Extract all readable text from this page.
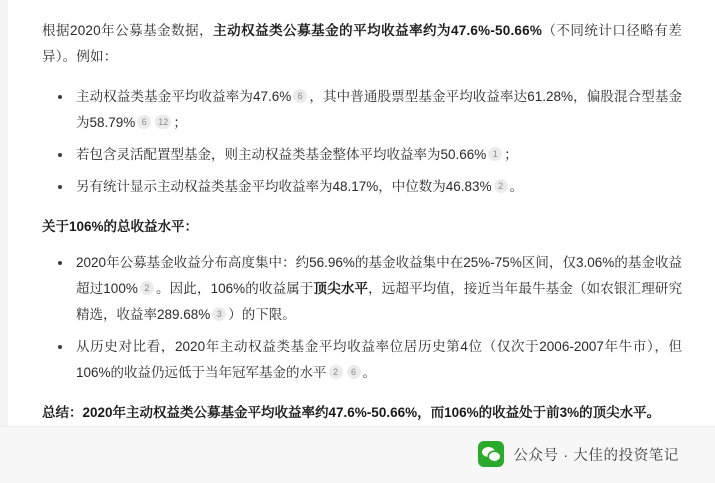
根据2020年公募基金数据，主动权益类公募基金的平均收益率约为47.6%-50.66%（不同统计口径略有差异）。例如：

主动权益类基金平均收益率为47.6% 6 ，其中普通股票型基金平均收益率达61.28%，偏股混合型基金为58.79% 6 12 ；
若包含灵活配置型基金，则主动权益类基金整体平均收益率为50.66% 1 ；
另有统计显示主动权益类基金平均收益率为48.17%，中位数为46.83% 2 。
关于106%的总收益水平：
2020年公募基金收益分布高度集中：约56.96%的基金收益集中在25%-75%区间，仅3.06%的基金收益超过100% 2 。因此，106%的收益属于顶尖水平，远超平均值，接近当年最牛基金（如农银汇理研究精选，收益率289.68% 3 ）的下限。
从历史对比看，2020年主动权益类基金平均收益率位居历史第4位（仅次于2006-2007年牛市），但106%的收益仍远低于当年冠军基金的水平 2 6 。

总结：2020年主动权益类公募基金平均收益率约47.6%-50.66%，而106%的收益处于前3%的顶尖水平。

公众号 · 大佳的投资笔记
